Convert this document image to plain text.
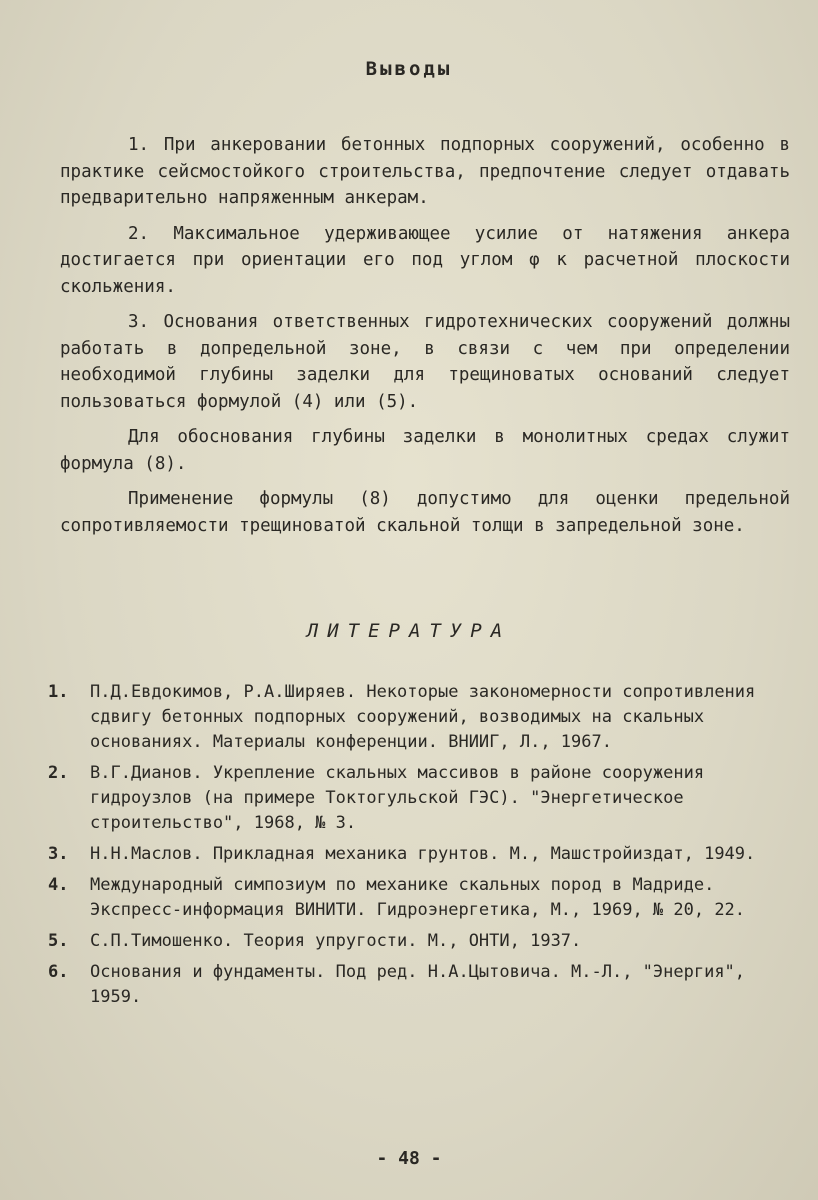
Выводы

1. При анкеровании бетонных подпорных сооружений, особенно в практике сейсмостойкого строительства, предпочтение следует отдавать предварительно напряженным анкерам.

2. Максимальное удерживающее усилие от натяжения анкера достигается при ориентации его под углом φ к расчетной плоскости скольжения.

3. Основания ответственных гидротехнических сооружений должны работать в допредельной зоне, в связи с чем при определении необходимой глубины заделки для трещиноватых оснований следует пользоваться формулой (4) или (5).

Для обоснования глубины заделки в монолитных средах служит формула (8).

Применение формулы (8) допустимо для оценки предельной сопротивляемости трещиноватой скальной толщи в запредельной зоне.

ЛИТЕРАТУРА
1. П.Д.Евдокимов, Р.А.Ширяев. Некоторые закономерности сопротивления сдвигу бетонных подпорных сооружений, возводимых на скальных основаниях. Материалы конференции. ВНИИГ, Л., 1967.
2. В.Г.Дианов. Укрепление скальных массивов в районе сооружения гидроузлов (на примере Токтогульской ГЭС). "Энергетическое строительство", 1968, № 3.
3. Н.Н.Маслов. Прикладная механика грунтов. М., Машстройиздат, 1949.
4. Международный симпозиум по механике скальных пород в Мадриде. Экспресс-информация ВИНИТИ. Гидроэнергетика, М., 1969, № 20, 22.
5. С.П.Тимошенко. Теория упругости. М., ОНТИ, 1937.
6. Основания и фундаменты. Под ред. Н.А.Цытовича. М.-Л., "Энергия", 1959.
- 48 -
